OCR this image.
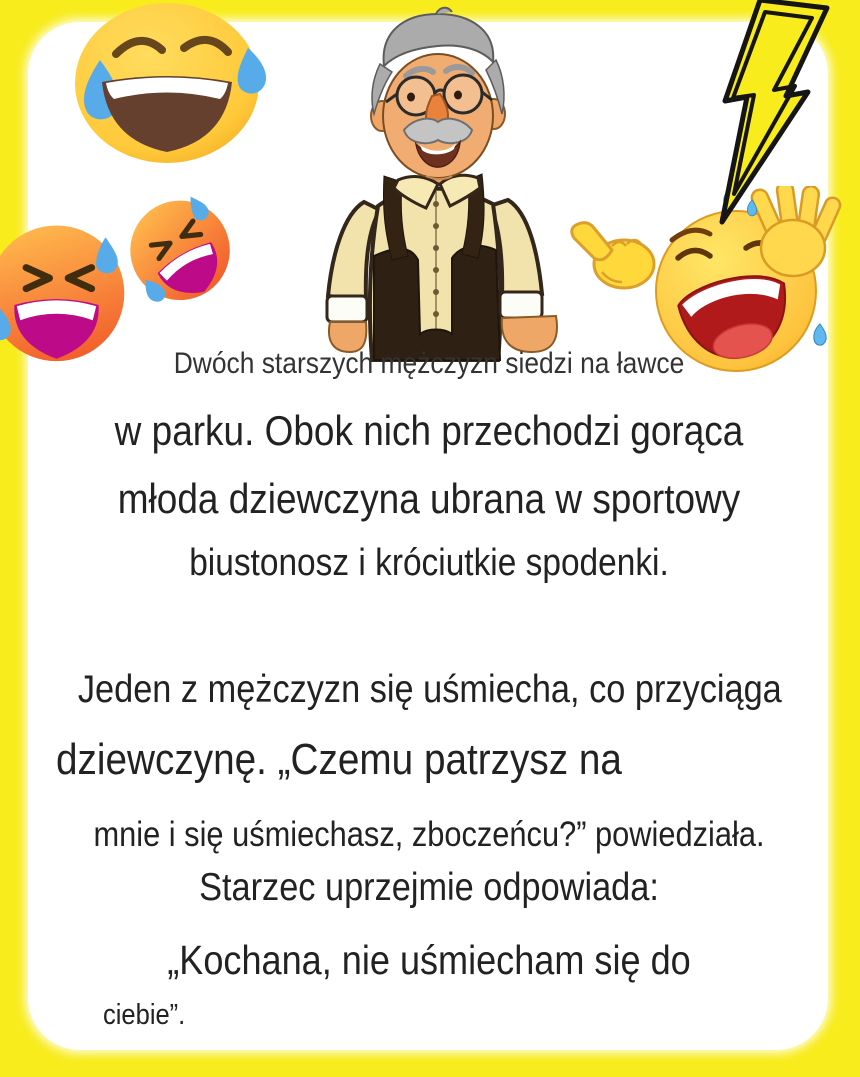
Dwóch starszych mężczyzn siedzi na ławce
w parku. Obok nich przechodzi gorąca
młoda dziewczyna ubrana w sportowy
biustonosz i króciutkie spodenki.
Jeden z mężczyzn się uśmiecha, co przyciąga
dziewczynę. „Czemu patrzysz na
mnie i się uśmiechasz, zboczeńcu?” powiedziała.
Starzec uprzejmie odpowiada:
„Kochana, nie uśmiecham się do
ciebie”.
